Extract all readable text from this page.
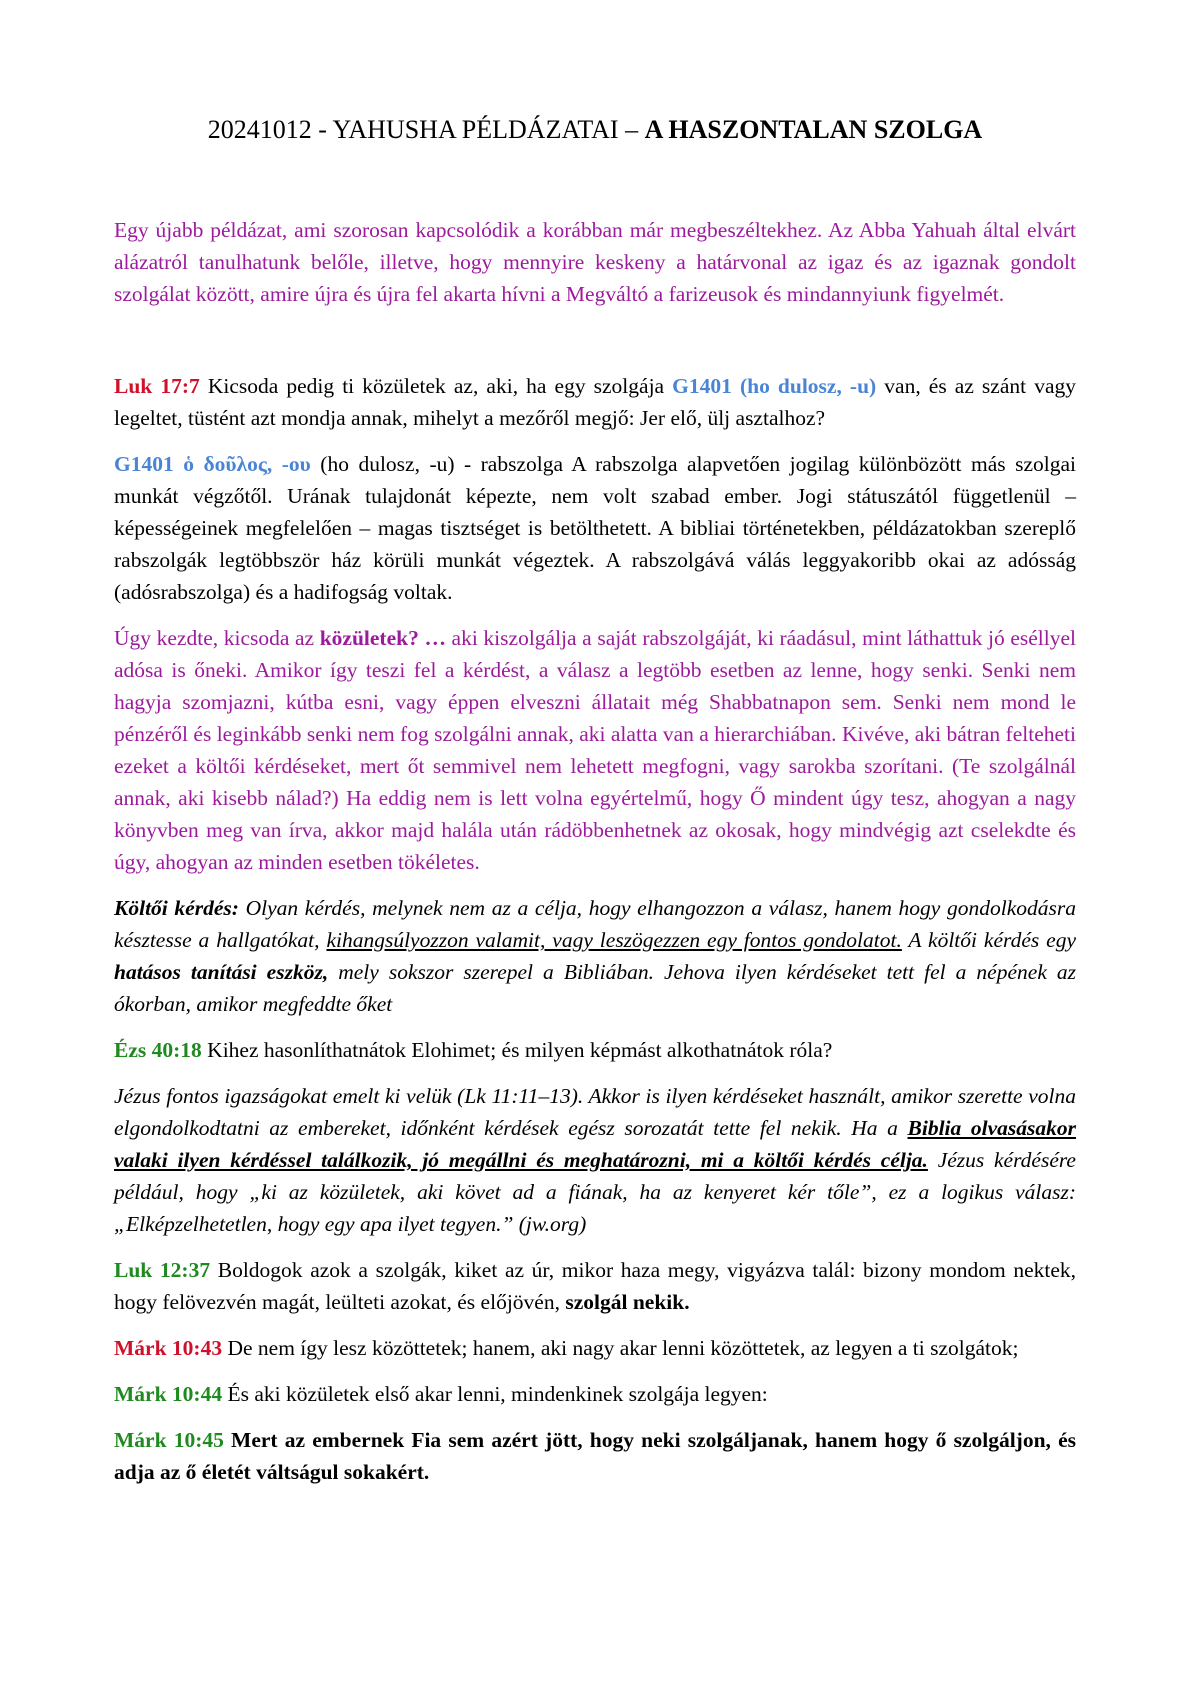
20241012 - YAHUSHA PÉLDÁZATAI – A HASZONTALAN SZOLGA

Egy újabb példázat, ami szorosan kapcsolódik a korábban már megbeszéltekhez. Az Abba Yahuah által elvárt alázatról tanulhatunk belőle, illetve, hogy mennyire keskeny a határvonal az igaz és az igaznak gondolt szolgálat között, amire újra és újra fel akarta hívni a Megváltó a farizeusok és mindannyiunk figyelmét.

Luk 17:7 Kicsoda pedig ti közületek az, aki, ha egy szolgája G1401 (ho dulosz, -u) van, és az szánt vagy legeltet, tüstént azt mondja annak, mihelyt a mezőről megjő: Jer elő, ülj asztalhoz?

G1401 ὁ δοῦλος, -ου (ho dulosz, -u) - rabszolga A rabszolga alapvetően jogilag különbözött más szolgai munkát végzőtől. Urának tulajdonát képezte, nem volt szabad ember. Jogi státuszától függetlenül – képességeinek megfelelően – magas tisztséget is betölthetett. A bibliai történetekben, példázatokban szereplő rabszolgák legtöbbször ház körüli munkát végeztek. A rabszolgává válás leggyakoribb okai az adósság (adósrabszolga) és a hadifogság voltak.

Úgy kezdte, kicsoda az közületek? … aki kiszolgálja a saját rabszolgáját, ki ráadásul, mint láthattuk jó eséllyel adósa is őneki. Amikor így teszi fel a kérdést, a válasz a legtöbb esetben az lenne, hogy senki. Senki nem hagyja szomjazni, kútba esni, vagy éppen elveszni állatait még Shabbatnapon sem. Senki nem mond le pénzéről és leginkább senki nem fog szolgálni annak, aki alatta van a hierarchiában. Kivéve, aki bátran felteheti ezeket a költői kérdéseket, mert őt semmivel nem lehetett megfogni, vagy sarokba szorítani. (Te szolgálnál annak, aki kisebb nálad?) Ha eddig nem is lett volna egyértelmű, hogy Ő mindent úgy tesz, ahogyan a nagy könyvben meg van írva, akkor majd halála után rádöbbenhetnek az okosak, hogy mindvégig azt cselekdte és úgy, ahogyan az minden esetben tökéletes.

Költői kérdés: Olyan kérdés, melynek nem az a célja, hogy elhangozzon a válasz, hanem hogy gondolkodásra késztesse a hallgatókat, kihangsúlyozzon valamit, vagy leszögezzen egy fontos gondolatot. A költői kérdés egy hatásos tanítási eszköz, mely sokszor szerepel a Bibliában. Jehova ilyen kérdéseket tett fel a népének az ókorban, amikor megfeddte őket

Ézs 40:18 Kihez hasonlíthatnátok Elohimet; és milyen képmást alkothatnátok róla?

Jézus fontos igazságokat emelt ki velük (Lk 11:11–13). Akkor is ilyen kérdéseket használt, amikor szerette volna elgondolkodtatni az embereket, időnként kérdések egész sorozatát tette fel nekik. Ha a Biblia olvasásakor valaki ilyen kérdéssel találkozik, jó megállni és meghatározni, mi a költői kérdés célja. Jézus kérdésére például, hogy „ki az közületek, aki követ ad a fiának, ha az kenyeret kér tőle”, ez a logikus válasz: „Elképzelhetetlen, hogy egy apa ilyet tegyen.” (jw.org)

Luk 12:37 Boldogok azok a szolgák, kiket az úr, mikor haza megy, vigyázva talál: bizony mondom nektek, hogy felövezvén magát, leülteti azokat, és előjövén, szolgál nekik.

Márk 10:43 De nem így lesz közöttetek; hanem, aki nagy akar lenni közöttetek, az legyen a ti szolgátok;

Márk 10:44 És aki közületek első akar lenni, mindenkinek szolgája legyen:

Márk 10:45 Mert az embernek Fia sem azért jött, hogy neki szolgáljanak, hanem hogy ő szolgáljon, és adja az ő életét váltságul sokakért.
